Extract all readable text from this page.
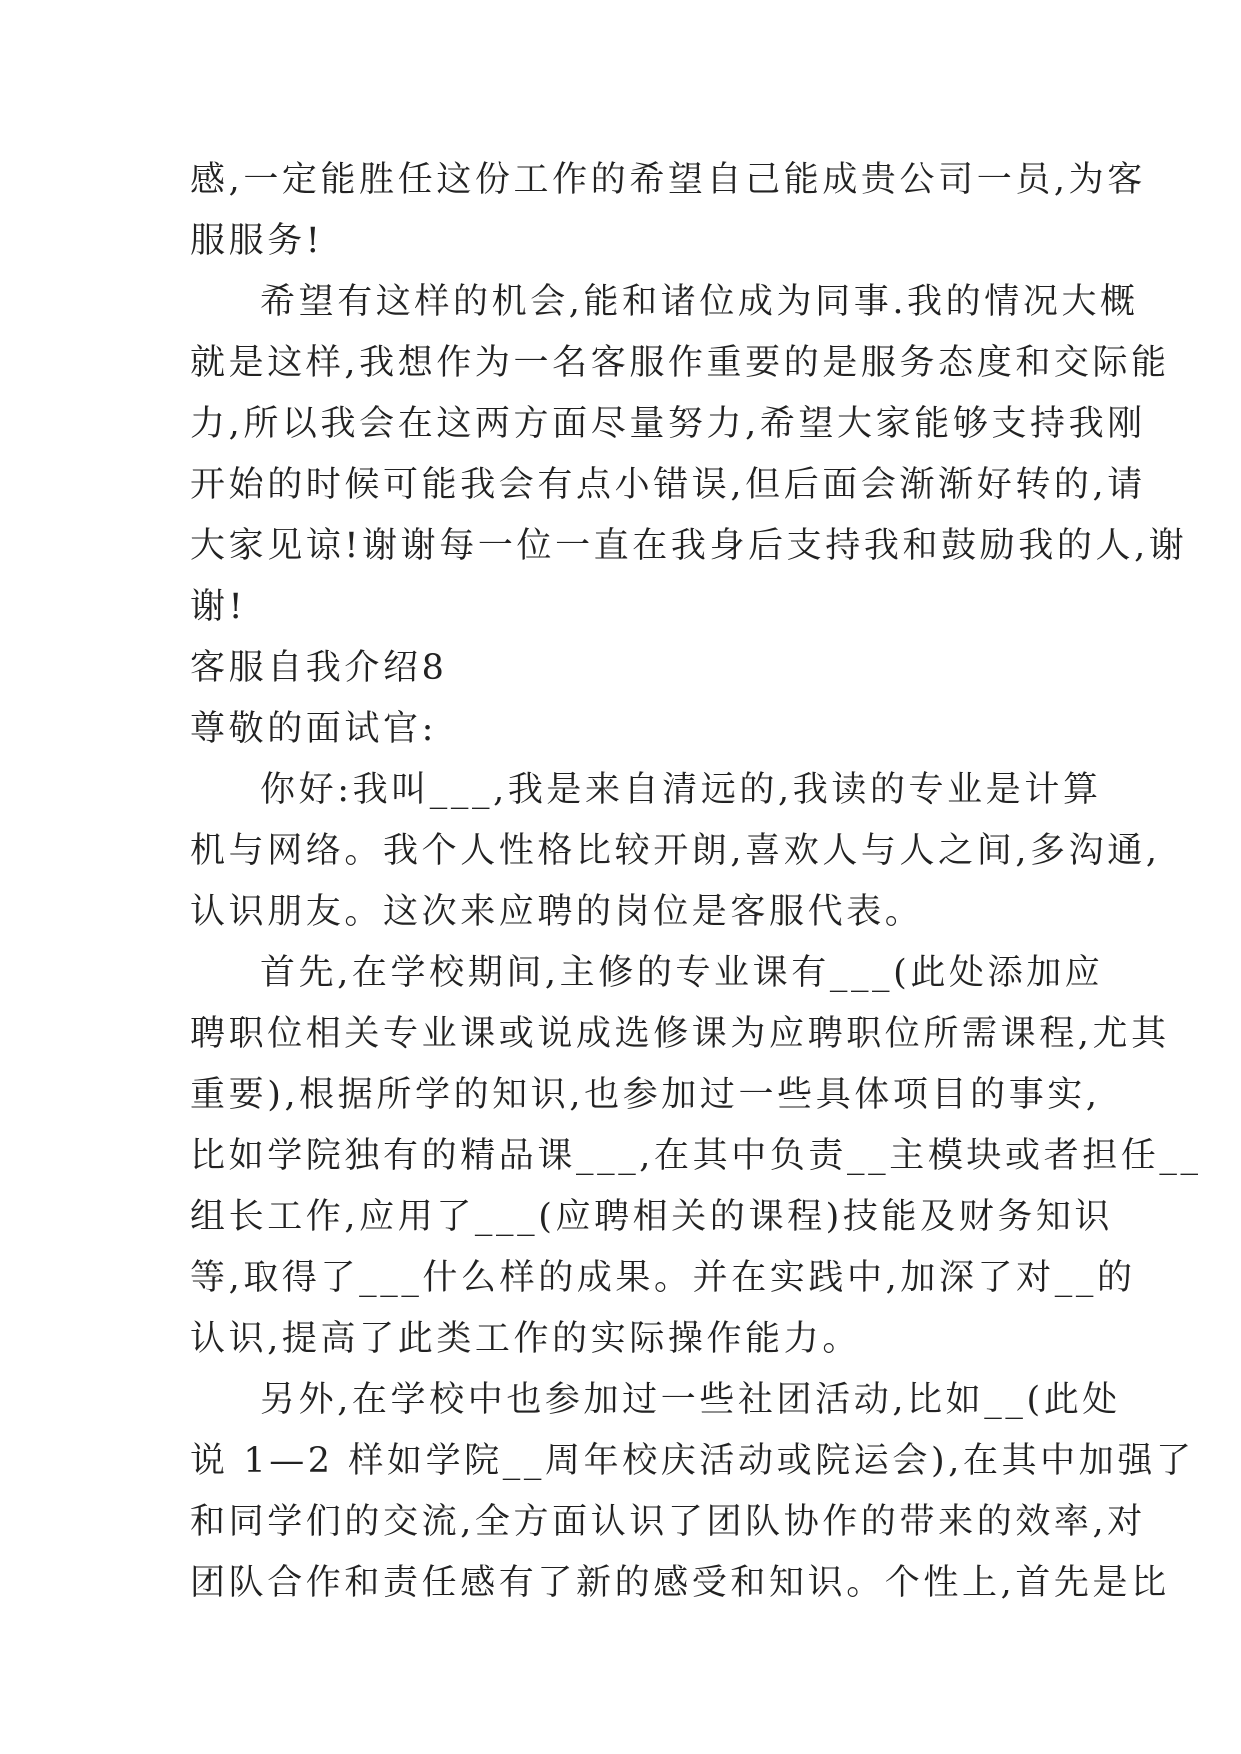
感,一定能胜任这份工作的希望自己能成贵公司一员,为客
服服务!
希望有这样的机会,能和诸位成为同事.我的情况大概
就是这样,我想作为一名客服作重要的是服务态度和交际能
力,所以我会在这两方面尽量努力,希望大家能够支持我刚
开始的时候可能我会有点小错误,但后面会渐渐好转的,请
大家见谅!谢谢每一位一直在我身后支持我和鼓励我的人,谢
谢!
客服自我介绍8
尊敬的面试官:
你好:我叫___,我是来自清远的,我读的专业是计算
机与网络。我个人性格比较开朗,喜欢人与人之间,多沟通,
认识朋友。这次来应聘的岗位是客服代表。
首先,在学校期间,主修的专业课有___(此处添加应
聘职位相关专业课或说成选修课为应聘职位所需课程,尤其
重要),根据所学的知识,也参加过一些具体项目的事实,
比如学院独有的精品课___,在其中负责__主模块或者担任__
组长工作,应用了___(应聘相关的课程)技能及财务知识
等,取得了___什么样的成果。并在实践中,加深了对__的
认识,提高了此类工作的实际操作能力。
另外,在学校中也参加过一些社团活动,比如__(此处
说 1—2 样如学院__周年校庆活动或院运会),在其中加强了
和同学们的交流,全方面认识了团队协作的带来的效率,对
团队合作和责任感有了新的感受和知识。个性上,首先是比
